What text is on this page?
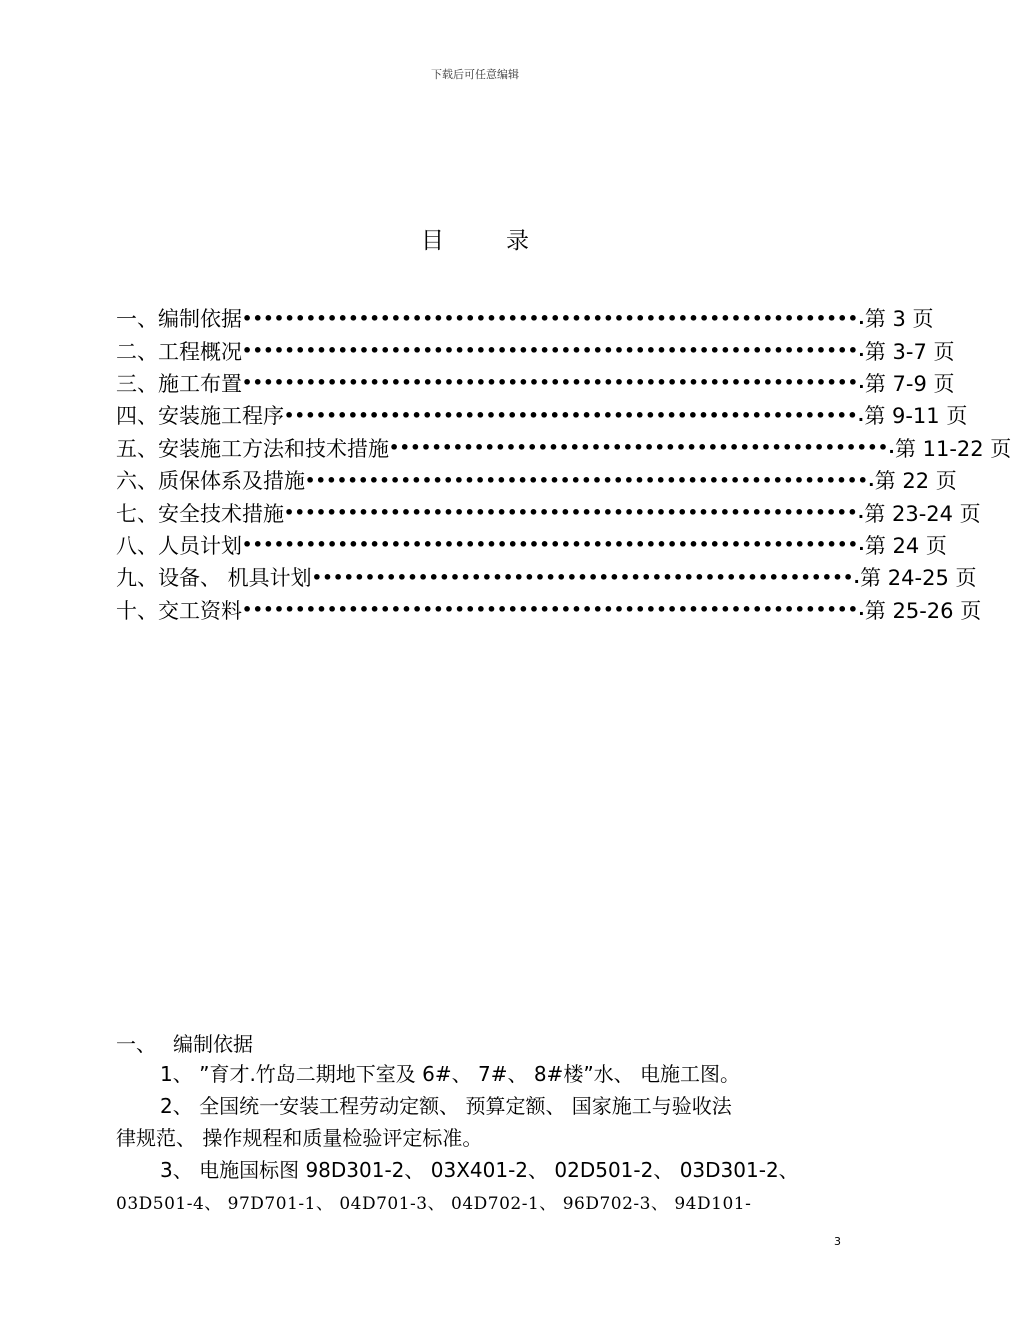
下载后可任意编辑
目	录
一、 编制依据 ••••••••••••••••••••••••••••••••••••••••••••••••••••••••••. 第 3 页
二、 工程概况 ••••••••••••••••••••••••••••••••••••••••••••••••••••••••••. 第 3-7 页
三、 施工布置 ••••••••••••••••••••••••••••••••••••••••••••••••••••••••••. 第 7-9 页
四、 安装施工程序 ••••••••••••••••••••••••••••••••••••••••••••••••••••••. 第 9-11 页
五、 安装施工方法和技术措施 •••••••••••••••••••••••••••••••••••••••••••••••. 第 11-22 页
六、 质保体系及措施 •••••••••••••••••••••••••••••••••••••••••••••••••••••. 第 22 页
七、 安全技术措施 ••••••••••••••••••••••••••••••••••••••••••••••••••••••. 第 23-24 页
八、 人员计划 ••••••••••••••••••••••••••••••••••••••••••••••••••••••••••. 第 24 页
九、 设备、 机具计划 •••••••••••••••••••••••••••••••••••••••••••••••••••. 第 24-25 页
十、 交工资料 ••••••••••••••••••••••••••••••••••••••••••••••••••••••••••. 第 25-26 页
一、 编制依据
1、 ”育才.竹岛二期地下室及 6#、 7#、 8#楼”水、 电施工图。
2、 全国统一安装工程劳动定额、 预算定额、 国家施工与验收法
律规范、 操作规程和质量检验评定标准。
3、 电施国标图 98D301-2、 03X401-2、 02D501-2、 03D301-2、
03D501-4、 97D701-1、 04D701-3、 04D702-1、 96D702-3、 94D101-
3
